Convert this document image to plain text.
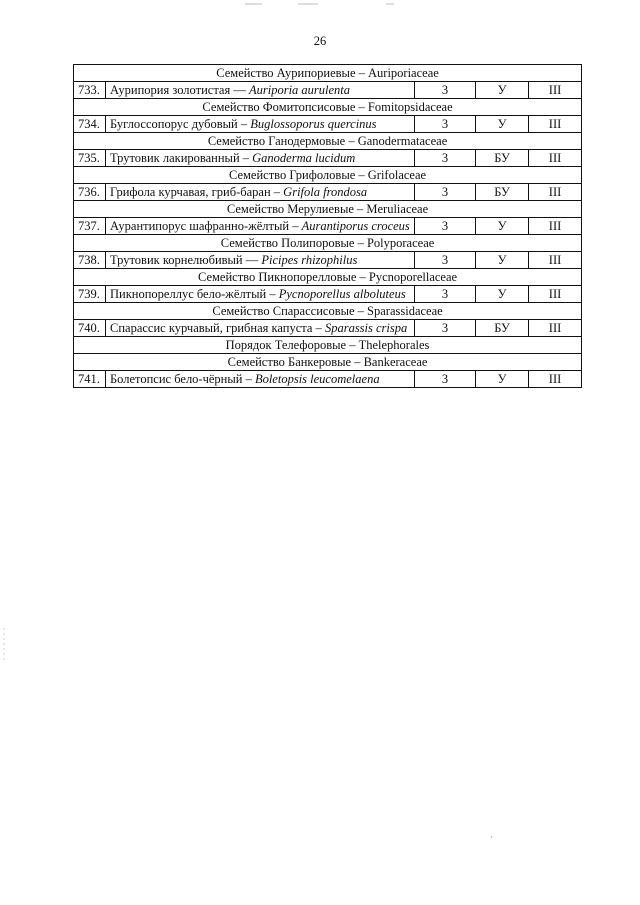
26
Семейство Аурипориевые – Auriporiaceae				
733.	Аурипория золотистая — Auriporia aurulenta	3	У	III
Семейство Фомитопсисовые – Fomitopsidaceae				
734.	Буглоссопорус дубовый – Buglossoporus quercinus	3	У	III
Семейство Ганодермовые – Ganodermataceae				
735.	Трутовик лакированный – Ganoderma lucidum	3	БУ	III
Семейство Грифоловые – Grifolaceae				
736.	Грифола курчавая, гриб-баран – Grifola frondosa	3	БУ	III
Семейство Мерулиевые – Meruliaceae				
737.	Аурантипорус шафранно-жёлтый – Aurantiporus croceus	3	У	III
Семейство Полипоровые – Polyporaceae				
738.	Трутовик корнелюбивый — Picipes rhizophilus	3	У	III
Семейство Пикнопорелловые – Pycnoporellaceae				
739.	Пикнопореллус бело-жёлтый – Pycnoporellus alboluteus	3	У	III
Семейство Спарассисовые – Sparassidaceae				
740.	Спарассис курчавый, грибная капуста – Sparassis crispa	3	БУ	III
Порядок Телефоровые – Thelephorales				
Семейство Банкеровые – Bankeraceae				
741.	Болетопсис бело-чёрный – Boletopsis leucomelaena	3	У	III
